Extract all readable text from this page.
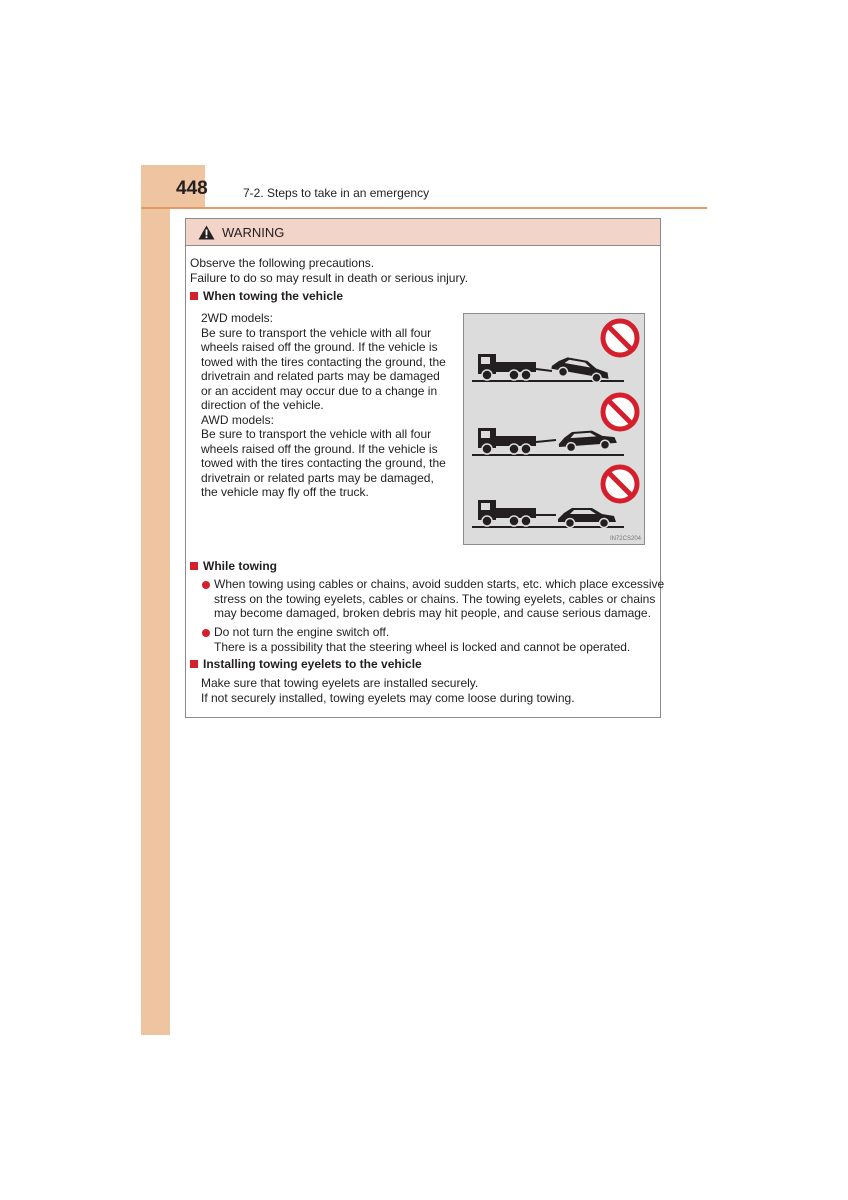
448	7-2. Steps to take in an emergency
WARNING
Observe the following precautions.
Failure to do so may result in death or serious injury.
When towing the vehicle
2WD models:
Be sure to transport the vehicle with all four
wheels raised off the ground. If the vehicle is
towed with the tires contacting the ground, the
drivetrain and related parts may be damaged
or an accident may occur due to a change in
direction of the vehicle.
AWD models:
Be sure to transport the vehicle with all four
wheels raised off the ground. If the vehicle is
towed with the tires contacting the ground, the
drivetrain or related parts may be damaged,
the vehicle may fly off the truck.
IN72CS204
While towing
When towing using cables or chains, avoid sudden starts, etc. which place excessive
stress on the towing eyelets, cables or chains. The towing eyelets, cables or chains
may become damaged, broken debris may hit people, and cause serious damage.
Do not turn the engine switch off.
There is a possibility that the steering wheel is locked and cannot be operated.
Installing towing eyelets to the vehicle
Make sure that towing eyelets are installed securely.
If not securely installed, towing eyelets may come loose during towing.
